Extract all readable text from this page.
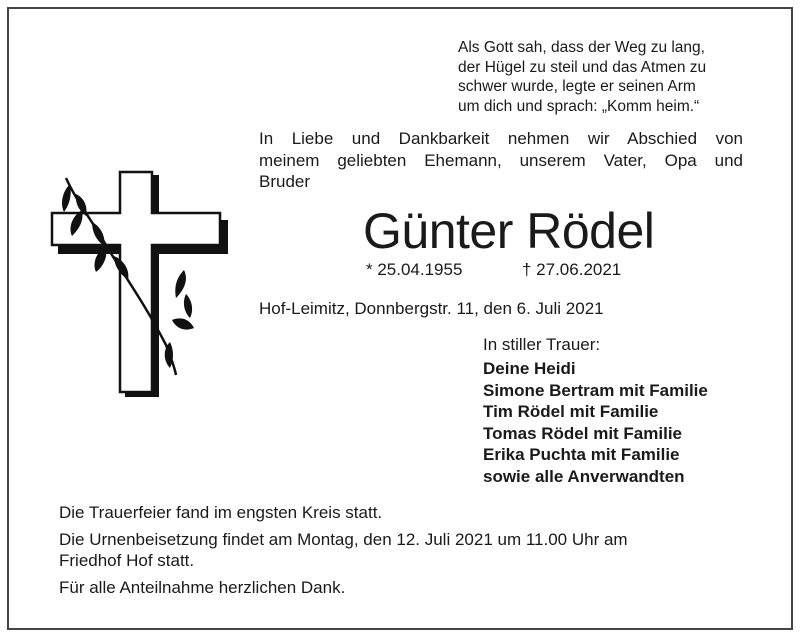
Als Gott sah, dass der Weg zu lang,
der Hügel zu steil und das Atmen zu
schwer wurde, legte er seinen Arm
um dich und sprach: „Komm heim.“
In Liebe und Dankbarkeit nehmen wir Abschied von
meinem geliebten Ehemann, unserem Vater, Opa und
Bruder
Günter Rödel
* 25.04.1955	† 27.06.2021
Hof-Leimitz, Donnbergstr. 11, den 6. Juli 2021
In stiller Trauer:
Deine Heidi
Simone Bertram mit Familie
Tim Rödel mit Familie
Tomas Rödel mit Familie
Erika Puchta mit Familie
sowie alle Anverwandten
Die Trauerfeier fand im engsten Kreis statt.
Die Urnenbeisetzung findet am Montag, den 12. Juli 2021 um 11.00 Uhr am
Friedhof Hof statt.
Für alle Anteilnahme herzlichen Dank.
